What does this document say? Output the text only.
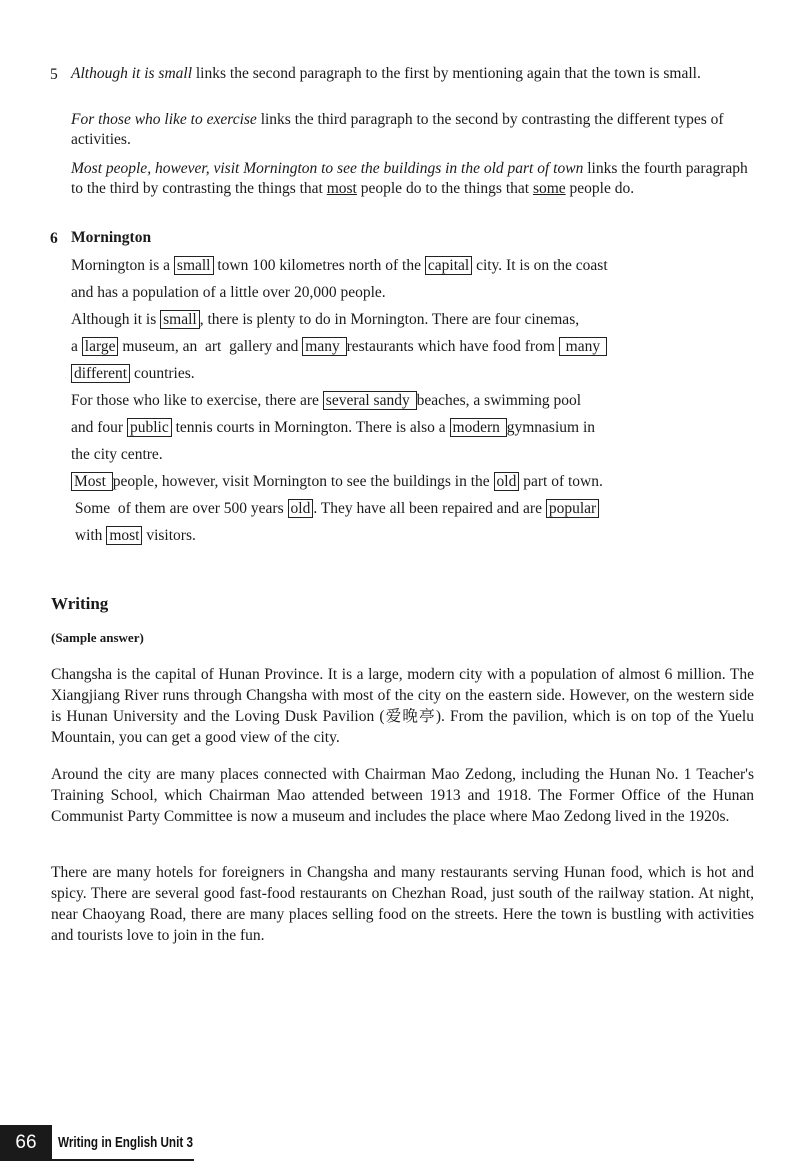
5 Although it is small links the second paragraph to the first by mentioning again that the town is small.
For those who like to exercise links the third paragraph to the second by contrasting the different types of activities.
Most people, however, visit Mornington to see the buildings in the old part of town links the fourth paragraph to the third by contrasting the things that most people do to the things that some people do.
6 Mornington
Mornington is a small town 100 kilometres north of the capital city. It is on the coast
and has a population of a little over 20,000 people.
Although it is small , there is plenty to do in Mornington. There are four cinemas,
a large museum, an  art  gallery and many restaurants which have food from  many
different countries.
For those who like to exercise, there are several sandy beaches, a swimming pool
and four public tennis courts in Mornington. There is also a modern gymnasium in
the city centre.
Most people, however, visit Mornington to see the buildings in the old part of town.
Some  of them are over 500 years old . They have all been repaired and are popular
with most visitors.
Writing
(Sample answer)
Changsha is the capital of Hunan Province. It is a large, modern city with a population of almost 6 million. The Xiangjiang River runs through Changsha with most of the city on the eastern side. However, on the western side is Hunan University and the Loving Dusk Pavilion (爱晚亭). From the pavilion, which is on top of the Yuelu Mountain, you can get a good view of the city.
Around the city are many places connected with Chairman Mao Zedong, including the Hunan No. 1 Teacher's Training School, which Chairman Mao attended between 1913 and 1918. The Former Office of the Hunan Communist Party Committee is now a museum and includes the place where Mao Zedong lived in the 1920s.
There are many hotels for foreigners in Changsha and many restaurants serving Hunan food, which is hot and spicy. There are several good fast-food restaurants on Chezhan Road, just south of the railway station. At night, near Chaoyang Road, there are many places selling food on the streets. Here the town is bustling with activities and tourists love to join in the fun.
66	Writing in English Unit 3
